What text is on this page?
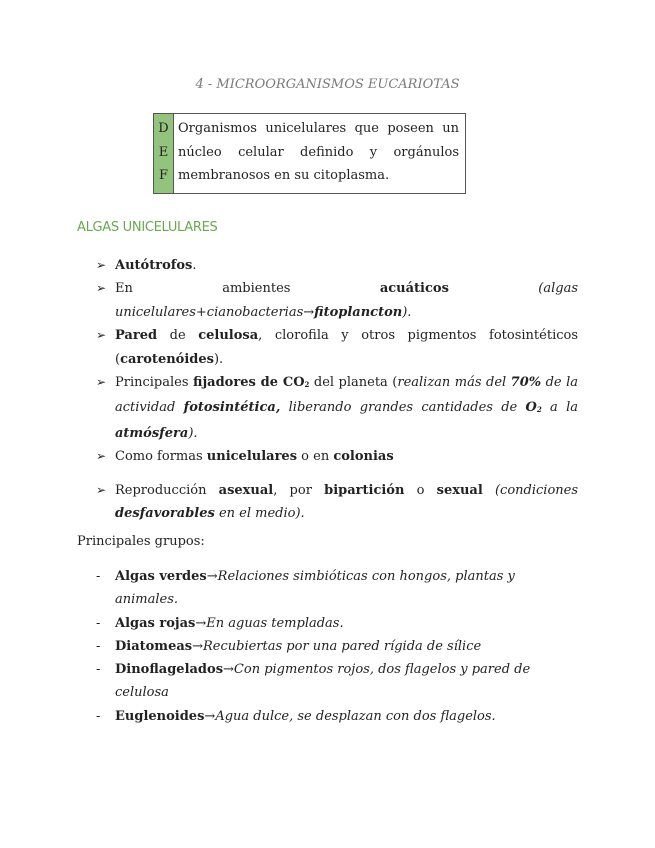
4 - MICROORGANISMOS EUCARIOTAS
D
E
F
Organismos unicelulares que poseen un núcleo celular definido y orgánulos membranosos en su citoplasma.
ALGAS UNICELULARES
➢ Autótrofos.
➢ En ambientes acuáticos	(algas unicelulares+cianobacterias→fitoplancton).
➢ Pared de celulosa, clorofila y otros pigmentos fotosintéticos (carotenóides).
➢ Principales fijadores de $CO_2$ del planeta (realizan más del 70% de la actividad fotosintética, liberando grandes cantidades de $O_2$ a la atmósfera).
➢ Como formas unicelulares o en colonias
➢ Reproducción asexual, por bipartición o sexual (condiciones desfavorables en el medio).
Principales grupos:
-	Algas verdes→Relaciones simbióticas con hongos, plantas y animales.
-	Algas rojas→En aguas templadas.
-	Diatomeas→Recubiertas por una pared rígida de sílice
-	Dinoflagelados→Con pigmentos rojos, dos flagelos y pared de celulosa
-	Euglenoides→Agua dulce, se desplazan con dos flagelos.
